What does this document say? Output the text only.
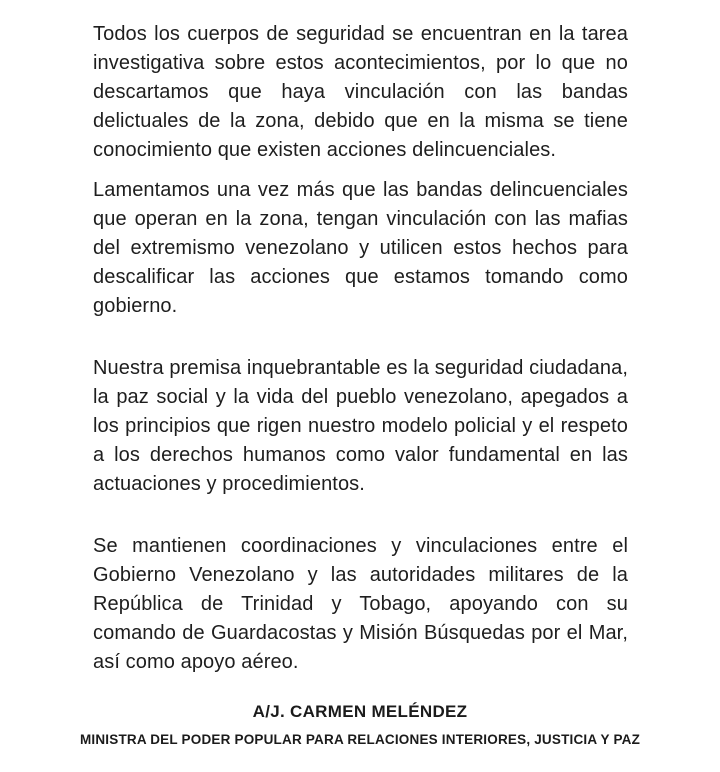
Todos los cuerpos de seguridad se encuentran en la tarea investigativa sobre estos acontecimientos, por lo que no descartamos que haya vinculación con las bandas delictuales de la zona, debido que en la misma se tiene conocimiento que existen acciones delincuenciales.

Lamentamos una vez más que las bandas delincuenciales que operan en la zona, tengan vinculación con las mafias del extremismo venezolano y utilicen estos hechos para descalificar las acciones que estamos tomando como gobierno.

Nuestra premisa inquebrantable es la seguridad ciudadana, la paz social y la vida del pueblo venezolano, apegados a los principios que rigen nuestro modelo policial y el respeto a los derechos humanos como valor fundamental en las actuaciones y procedimientos.

Se mantienen coordinaciones y vinculaciones entre el Gobierno Venezolano y las autoridades militares de la República de Trinidad y Tobago, apoyando con su comando de Guardacostas y Misión Búsquedas por el Mar, así como apoyo aéreo.

A/J. CARMEN MELÉNDEZ

MINISTRA DEL PODER POPULAR PARA RELACIONES INTERIORES, JUSTICIA Y PAZ
